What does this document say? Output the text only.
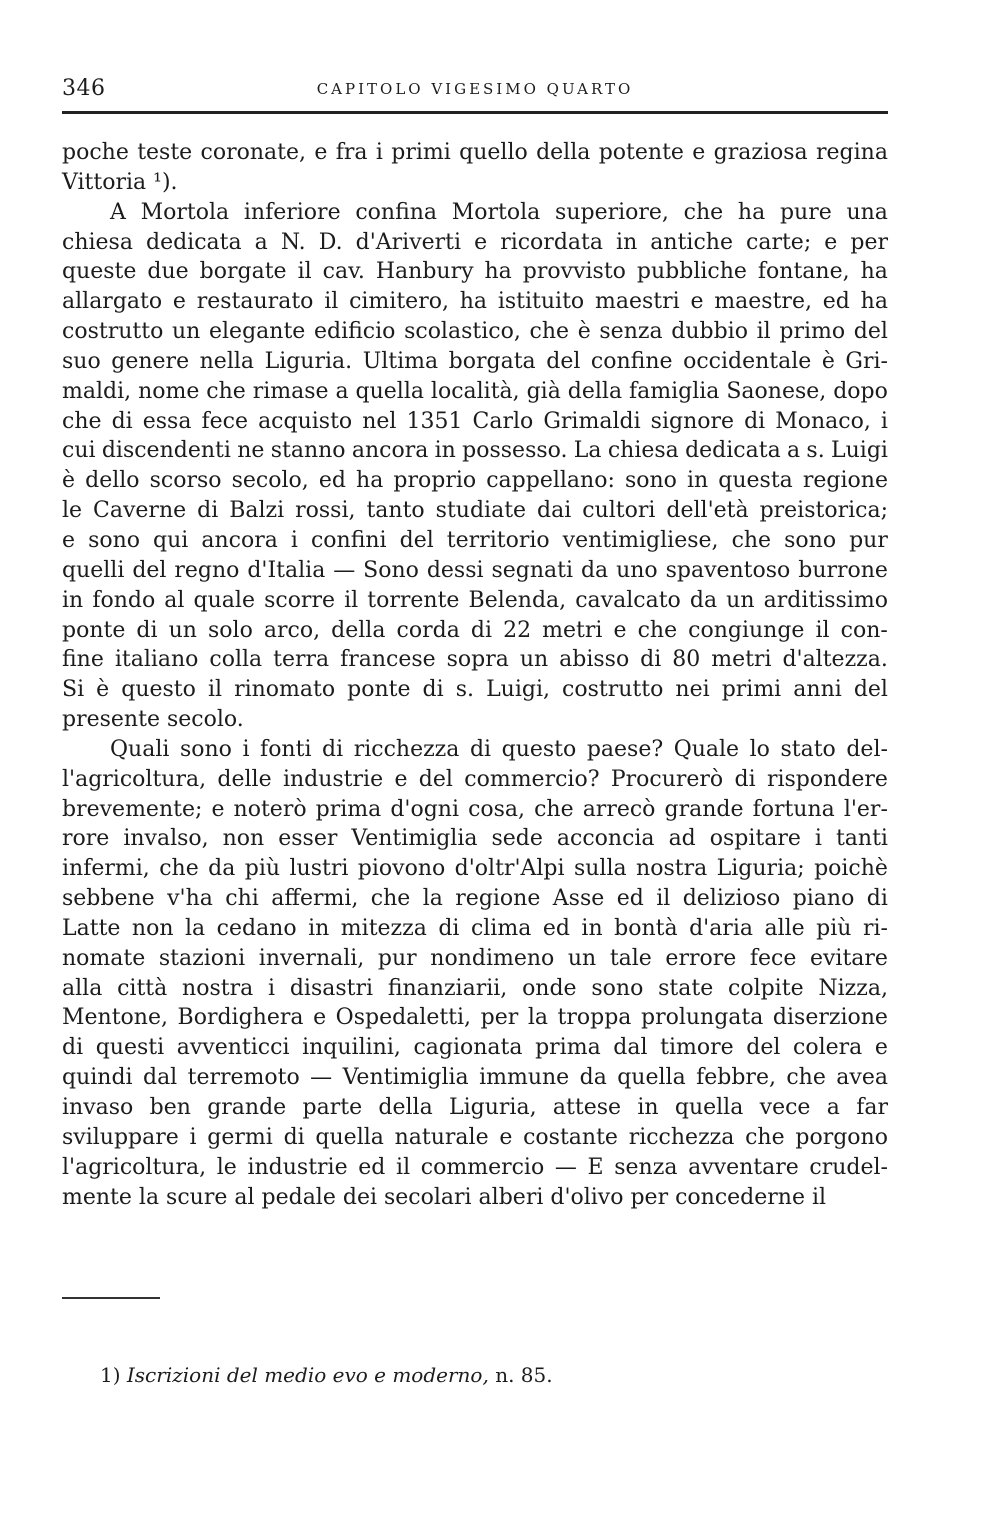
346	CAPITOLO VIGESIMO QUARTO
poche teste coronate, e fra i primi quello della potente e graziosa regina
Vittoria ¹).
A Mortola inferiore confina Mortola superiore, che ha pure una
chiesa dedicata a N. D. d'Ariverti e ricordata in antiche carte; e per
queste due borgate il cav. Hanbury ha provvisto pubbliche fontane, ha
allargato e restaurato il cimitero, ha istituito maestri e maestre, ed ha
costrutto un elegante edificio scolastico, che è senza dubbio il primo del
suo genere nella Liguria. Ultima borgata del confine occidentale è Gri-
maldi, nome che rimase a quella località, già della famiglia Saonese, dopo
che di essa fece acquisto nel 1351 Carlo Grimaldi signore di Monaco, i
cui discendenti ne stanno ancora in possesso. La chiesa dedicata a s. Luigi
è dello scorso secolo, ed ha proprio cappellano: sono in questa regione
le Caverne di Balzi rossi, tanto studiate dai cultori dell'età preistorica;
e sono qui ancora i confini del territorio ventimigliese, che sono pur
quelli del regno d'Italia — Sono dessi segnati da uno spaventoso burrone
in fondo al quale scorre il torrente Belenda, cavalcato da un arditissimo
ponte di un solo arco, della corda di 22 metri e che congiunge il con-
fine italiano colla terra francese sopra un abisso di 80 metri d'altezza.
Si è questo il rinomato ponte di s. Luigi, costrutto nei primi anni del
presente secolo.
Quali sono i fonti di ricchezza di questo paese? Quale lo stato del-
l'agricoltura, delle industrie e del commercio? Procurerò di rispondere
brevemente; e noterò prima d'ogni cosa, che arrecò grande fortuna l'er-
rore invalso, non esser Ventimiglia sede acconcia ad ospitare i tanti
infermi, che da più lustri piovono d'oltr'Alpi sulla nostra Liguria; poichè
sebbene v'ha chi affermi, che la regione Asse ed il delizioso piano di
Latte non la cedano in mitezza di clima ed in bontà d'aria alle più ri-
nomate stazioni invernali, pur nondimeno un tale errore fece evitare
alla città nostra i disastri finanziarii, onde sono state colpite Nizza,
Mentone, Bordighera e Ospedaletti, per la troppa prolungata diserzione
di questi avventicci inquilini, cagionata prima dal timore del colera e
quindi dal terremoto — Ventimiglia immune da quella febbre, che avea
invaso ben grande parte della Liguria, attese in quella vece a far
sviluppare i germi di quella naturale e costante ricchezza che porgono
l'agricoltura, le industrie ed il commercio — E senza avventare crudel-
mente la scure al pedale dei secolari alberi d'olivo per concederne il
1) Iscrizioni del medio evo e moderno, n. 85.
